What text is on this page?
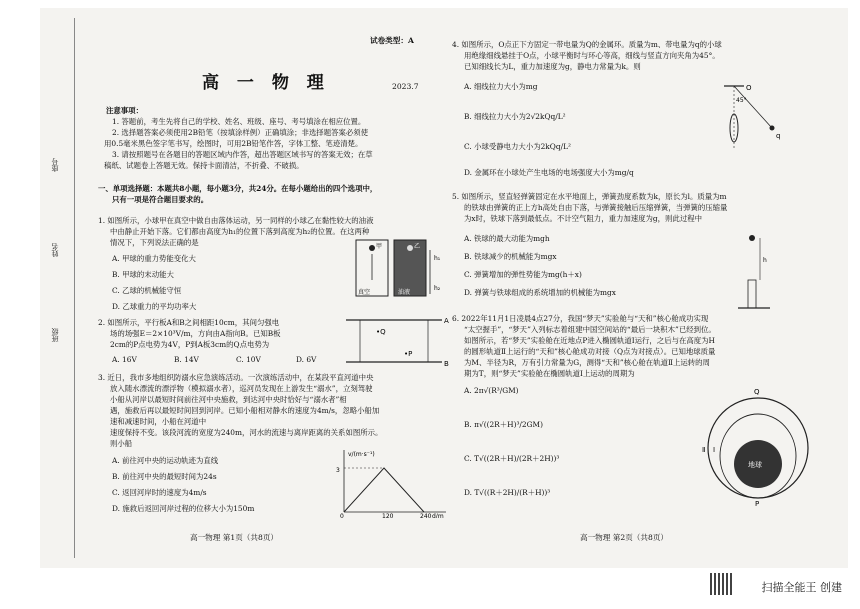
座号
姓名
班级
试卷类型：A
高 一 物 理	2023.7
注意事项：
1. 答题前，考生先将自己的学校、姓名、班级、座号、考号填涂在相应位置。
2. 选择题答案必须使用2B铅笔（按填涂样例）正确填涂；非选择题答案必须使
用0.5毫米黑色签字笔书写，绘图时，可用2B铅笔作答，字体工整、笔迹清楚。
3. 请按照题号在各题目的答题区域内作答，超出答题区域书写的答案无效；在草
稿纸、试题卷上答题无效。保持卡面清洁，不折叠、不破损。
一、单项选择题：本题共8小题，每小题3分，共24分。在每小题给出的四个选项中，
只有一项是符合题目要求的。
1. 如图所示，小球甲在真空中做自由落体运动，另一同样的小球乙在黏性较大的油液
中由静止开始下落。它们都由高度为h₁的位置下落到高度为h₂的位置。在这两种
情况下，下列说法正确的是
A. 甲球的重力势能变化大
B. 甲球的末动能大
C. 乙球的机械能守恒
D. 乙球重力的平均功率大
甲	乙
h₁
h₂
真空	油液
2. 如图所示，平行板A和B之间相距10cm，其间匀强电
场的场强E＝2×10³V/m，方向由A指向B。已知B板
2cm的P点电势为4V，P到A板3cm的Q点电势为
A. 16V	B. 14V	C. 10V	D. 6V
A
B
•Q
•P
3. 近日，我市多地组织防溺水应急演练活动。一次演练活动中，在某段平直河道中央
放入随水漂流的漂浮物（模拟溺水者），巡河员发现在上游发生“溺水”，立刻驾驶
小船从河岸以最短时间前往河中央施救，到达河中央时恰好与“溺水者”相
遇，施救后再以最短时间回到河岸。已知小船相对静水的速度为4m/s，忽略小船加
速和减速时间，小船在河道中
速度保持不变。该段河流的宽度为240m，河水的流速与离岸距离的关系如图所示。
则小船
A. 前往河中央的运动轨迹为直线
B. 前往河中央的最短时间为24s
C. 返回河岸时的速度为4m/s
D. 施救后返回河岸过程的位移大小为150m
v/(m·s⁻¹)
d/m
3
0	120	240
高一物理 第1页（共8页）
4. 如图所示，O点正下方固定一带电量为Q的金属环。质量为m、带电量为q的小球
用绝缘细线悬挂于O点，小球平衡时与环心等高，细线与竖直方向夹角为45°。
已知细线长为L，重力加速度为g，静电力常量为k。则
A. 细线拉力大小为mg
B. 细线拉力大小为2√2kQq/L²
C. 小球受静电力大小为2kQq/L²
D. 金属环在小球处产生电场的电场强度大小为mg/q
O
45°
q
5. 如图所示，竖直轻弹簧固定在水平地面上，弹簧劲度系数为k，原长为l。质量为m
的铁球由弹簧的正上方h高处自由下落，与弹簧接触后压缩弹簧，当弹簧的压缩量
为x时，铁球下落到最低点。不计空气阻力，重力加速度为g，则此过程中
A. 铁球的最大动能为mgh
B. 铁球减少的机械能为mgx
C. 弹簧增加的弹性势能为mg(h＋x)
D. 弹簧与铁球组成的系统增加的机械能为mgx
h
6. 2022年11月1日凌晨4点27分，我国“梦天”实验舱与“天和”核心舱成功实现
“太空握手”，“梦天”入列标志着组建中国空间站的“最后一块积木”已经到位。
如图所示，若“梦天”实验舱在近地点P进入椭圆轨道Ⅰ运行，之后与在高度为H
的圆形轨道Ⅱ上运行的“天和”核心舱成功对接（Q点为对接点）。已知地球质量
为M、半径为R，万有引力常量为G，测得“天和”核心舱在轨道Ⅱ上运转的周
期为T，则“梦天”实验舱在椭圆轨道Ⅰ上运动的周期为
A. 2π√(R³/GM)
B. π√((2R＋H)³/2GM)
C. T√((2R＋H)/(2R＋2H))³
D. T√((R＋2H)/(R＋H))³
地球
Q
Ⅱ Ⅰ
P
高一物理 第2页（共8页）
扫描全能王 创建
